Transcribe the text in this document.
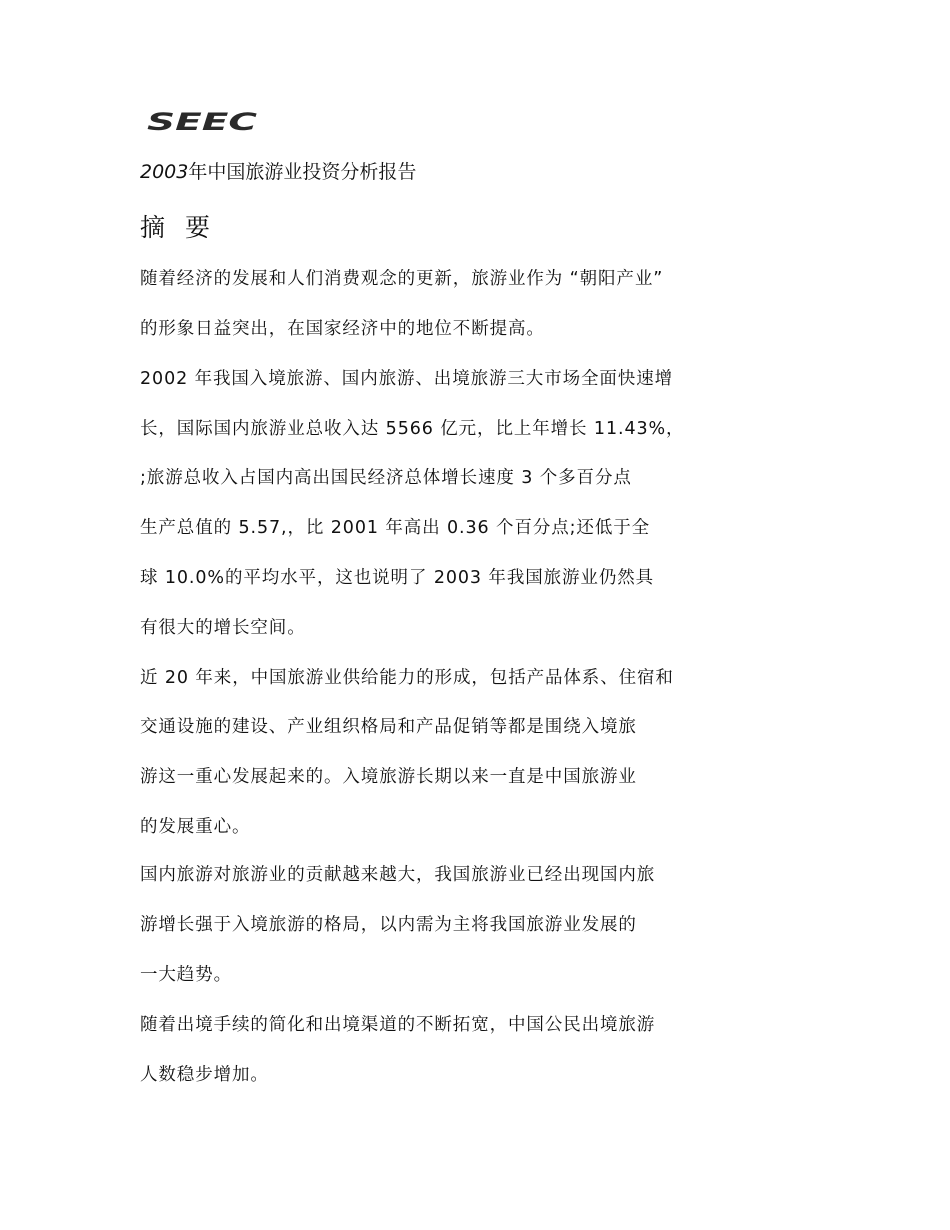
SEEC
2003年中国旅游业投资分析报告
摘 要
随着经济的发展和人们消费观念的更新，旅游业作为 “朝阳产业”
的形象日益突出，在国家经济中的地位不断提高。
2002 年我国入境旅游、国内旅游、出境旅游三大市场全面快速增
长，国际国内旅游业总收入达 5566 亿元，比上年增长 11.43%，
;旅游总收入占国内高出国民经济总体增长速度 3 个多百分点
生产总值的 5.57,，比 2001 年高出 0.36 个百分点;还低于全
球 10.0%的平均水平，这也说明了 2003 年我国旅游业仍然具
有很大的增长空间。
近 20 年来，中国旅游业供给能力的形成，包括产品体系、住宿和
交通设施的建设、产业组织格局和产品促销等都是围绕入境旅
游这一重心发展起来的。入境旅游长期以来一直是中国旅游业
的发展重心。
国内旅游对旅游业的贡献越来越大，我国旅游业已经出现国内旅
游增长强于入境旅游的格局，以内需为主将我国旅游业发展的
一大趋势。
随着出境手续的简化和出境渠道的不断拓宽，中国公民出境旅游
人数稳步增加。
